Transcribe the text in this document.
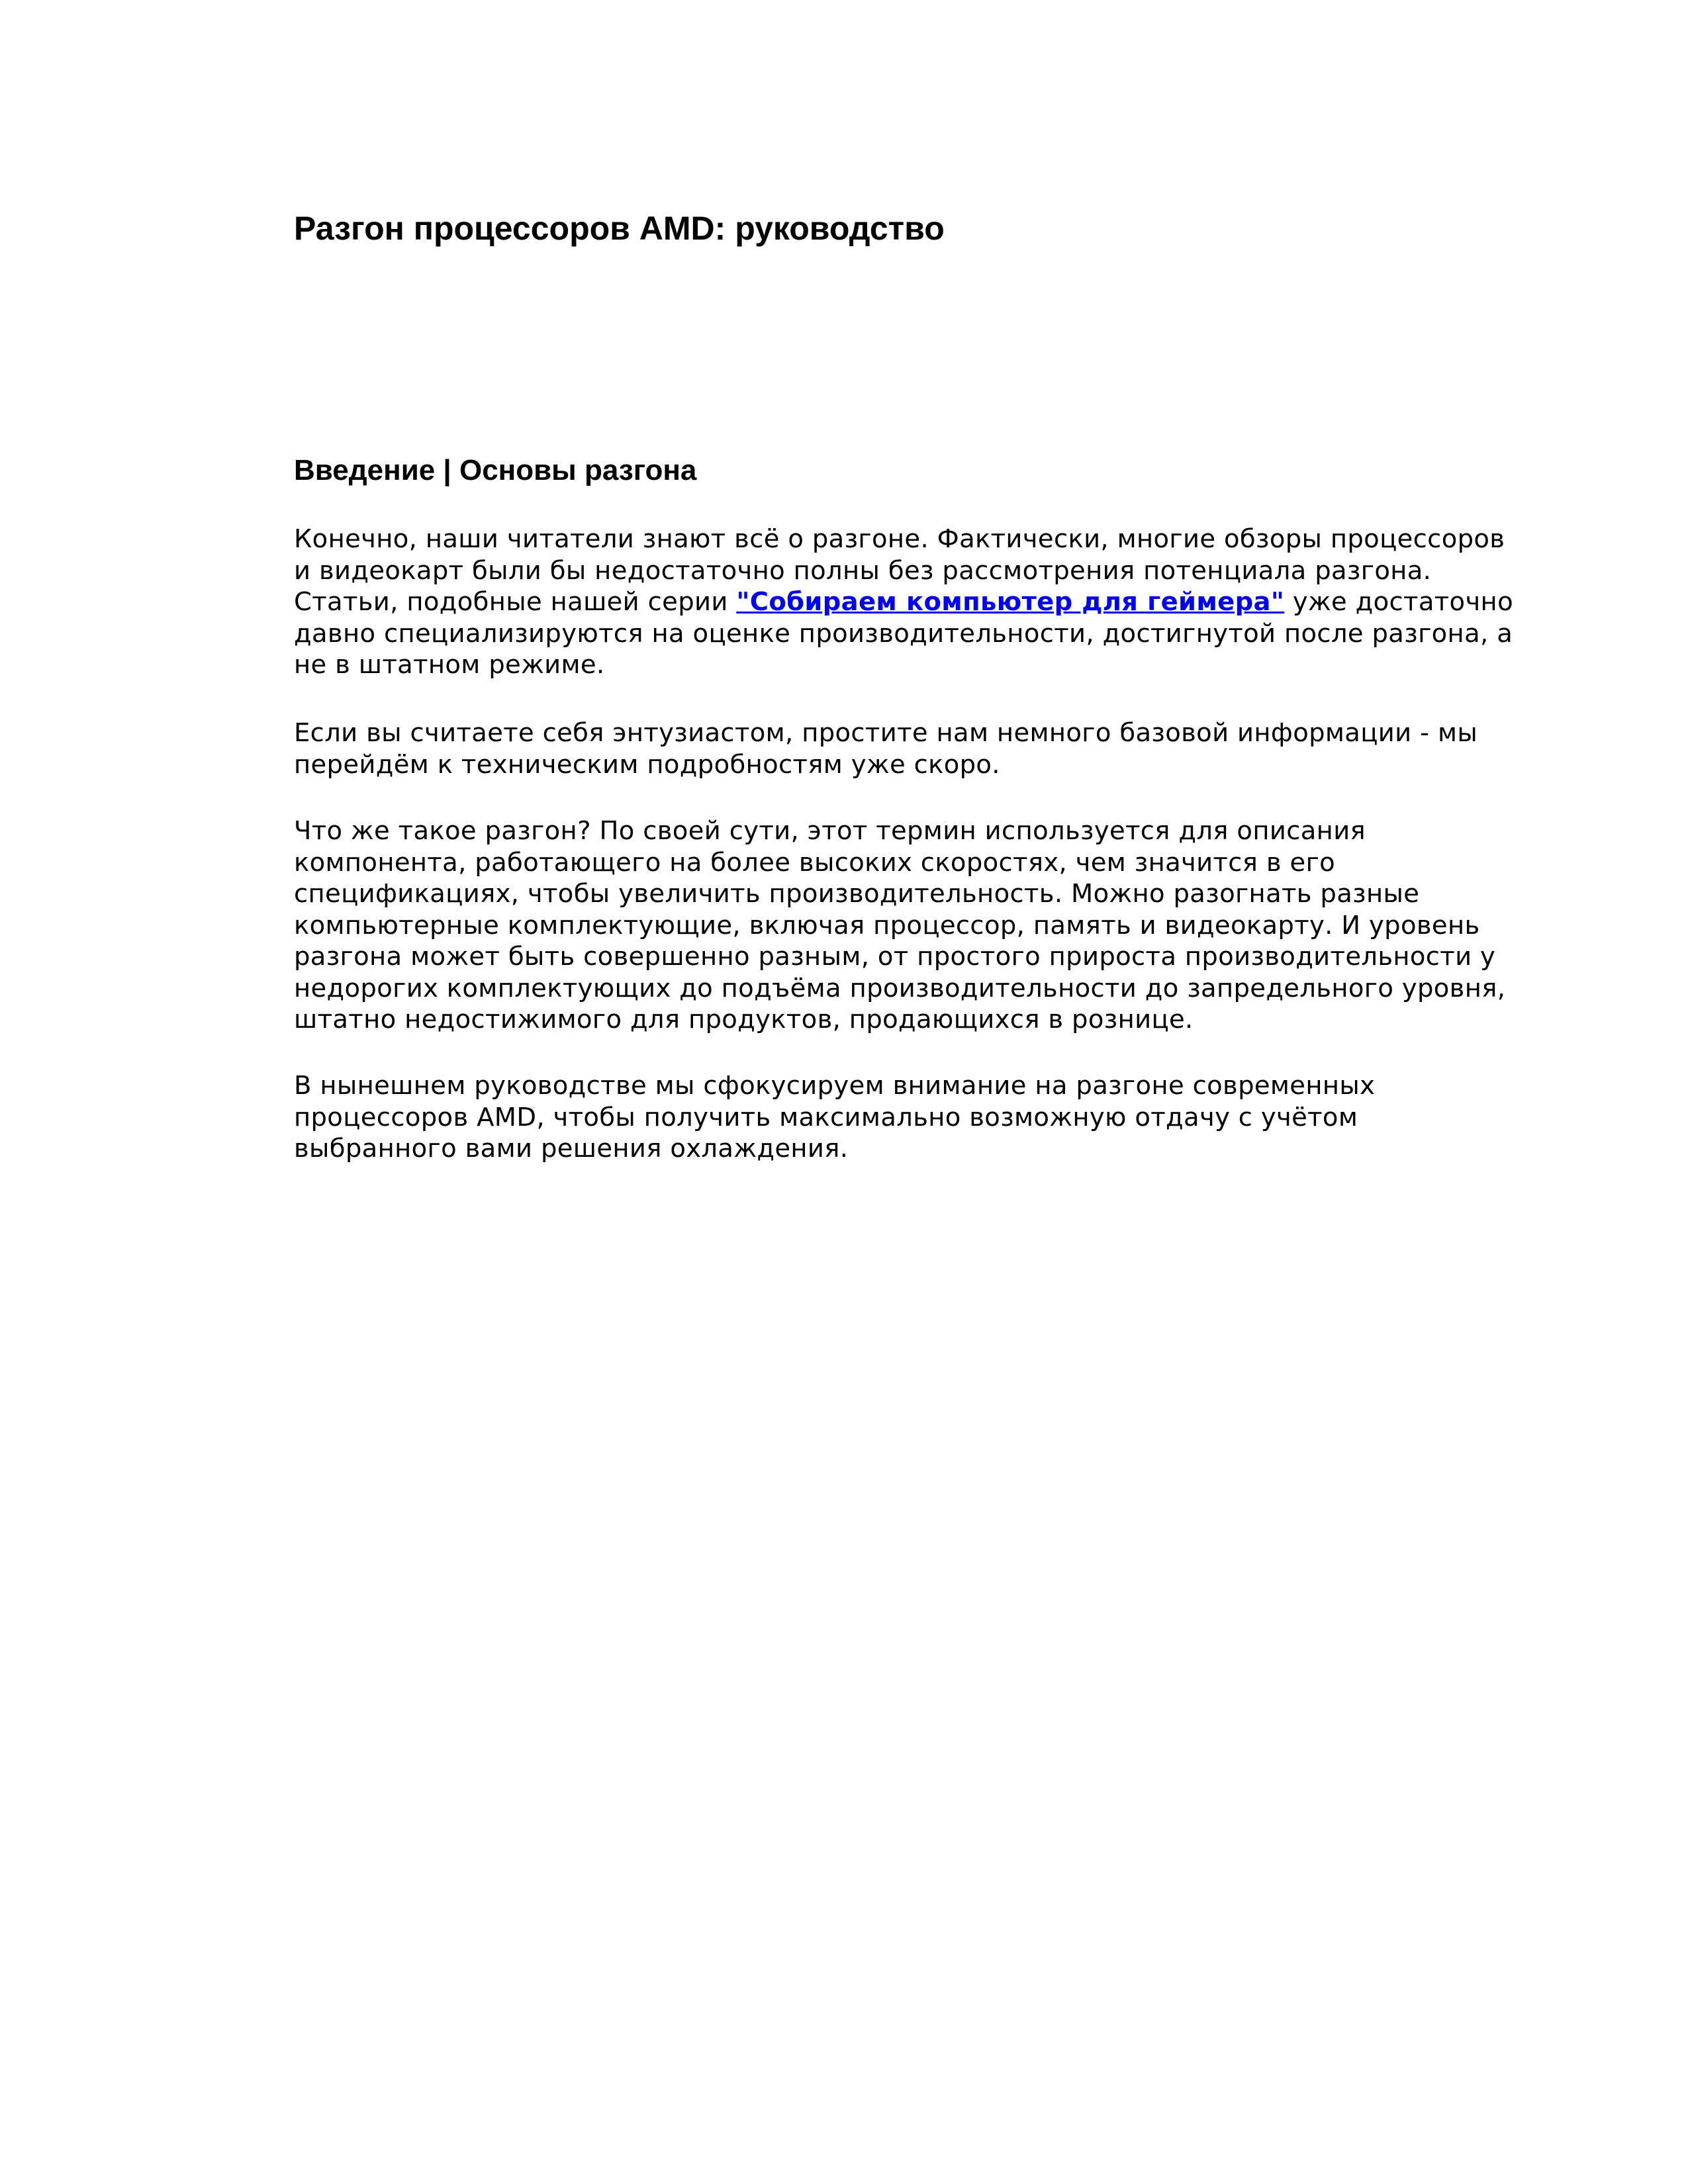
Разгон процессоров AMD: руководство
Введение | Основы разгона

Конечно, наши читатели знают всё о разгоне. Фактически, многие обзоры процессоров
и видеокарт были бы недостаточно полны без рассмотрения потенциала разгона.
Статьи, подобные нашей серии "Собираем компьютер для геймера" уже достаточно
давно специализируются на оценке производительности, достигнутой после разгона, а
не в штатном режиме.

Если вы считаете себя энтузиастом, простите нам немного базовой информации - мы
перейдём к техническим подробностям уже скоро.

Что же такое разгон? По своей сути, этот термин используется для описания
компонента, работающего на более высоких скоростях, чем значится в его
спецификациях, чтобы увеличить производительность. Можно разогнать разные
компьютерные комплектующие, включая процессор, память и видеокарту. И уровень
разгона может быть совершенно разным, от простого прироста производительности у
недорогих комплектующих до подъёма производительности до запредельного уровня,
штатно недостижимого для продуктов, продающихся в рознице.

В нынешнем руководстве мы сфокусируем внимание на разгоне современных
процессоров AMD, чтобы получить максимально возможную отдачу с учётом
выбранного вами решения охлаждения.
